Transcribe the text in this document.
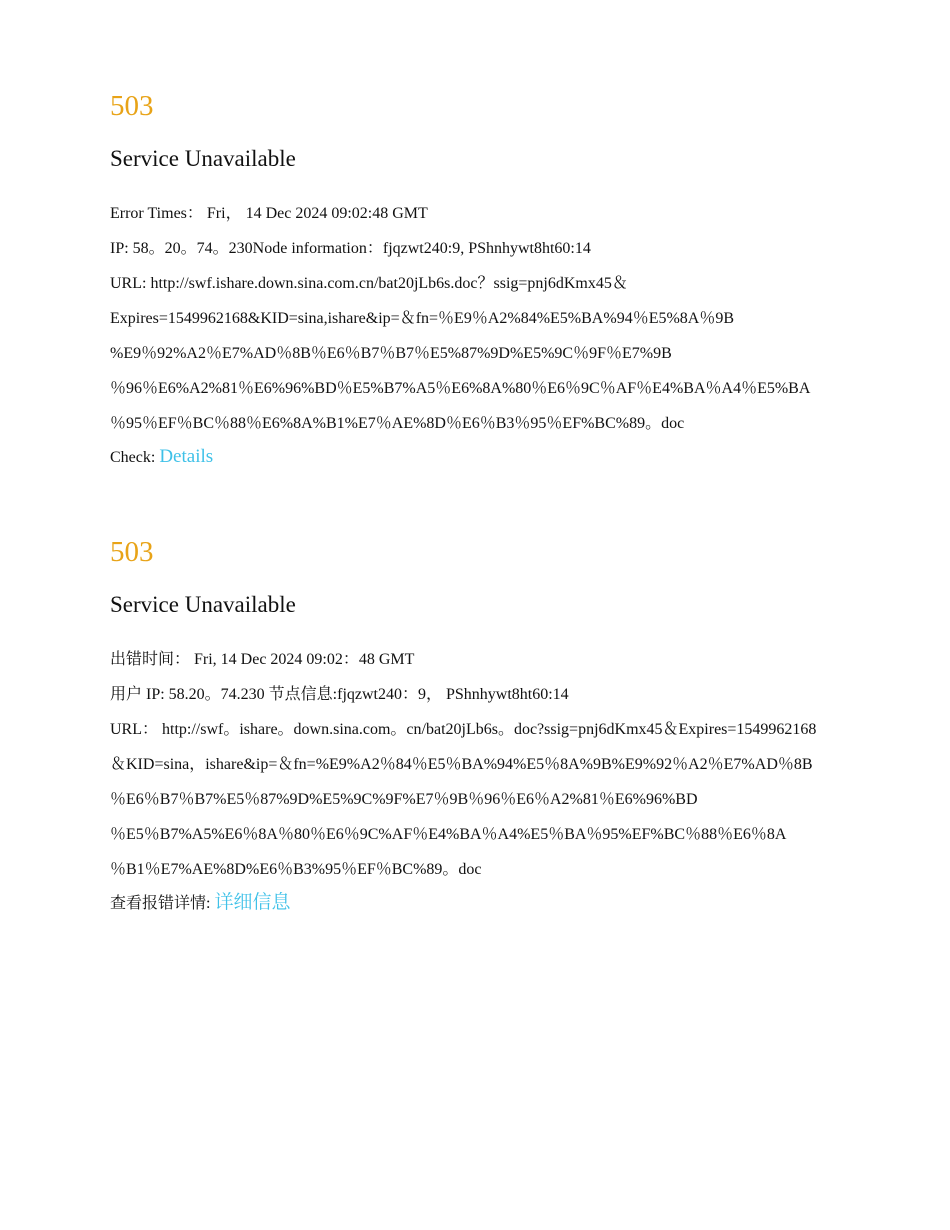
503
Service Unavailable
Error Times： Fri， 14 Dec 2024 09:02:48 GMT
IP: 58。20。74。230Node information：fjqzwt240:9, PShnhywt8ht60:14
URL: http://swf.ishare.down.sina.com.cn/bat20jLb6s.doc？ssig=pnj6dKmx45＆
Expires=1549962168&KID=sina,ishare&ip=＆fn=％E9％A2%84%E5%BA%94％E5%8A％9B
%E9％92%A2％E7%AD％8B％E6％B7％B7％E5%87%9D%E5%9C％9F％E7%9B
％96％E6%A2%81％E6%96%BD％E5%B7%A5％E6%8A%80％E6％9C％AF％E4%BA％A4％E5%BA
％95％EF％BC％88％E6%8A%B1%E7％AE%8D％E6％B3％95％EF%BC%89。doc
Check: Details
503
Service Unavailable
出错时间： Fri, 14 Dec 2024 09:02：48 GMT
用户 IP: 58.20。74.230 节点信息:fjqzwt240：9， PShnhywt8ht60:14
URL： http://swf。ishare。down.sina.com。cn/bat20jLb6s。doc?ssig=pnj6dKmx45＆Expires=1549962168
＆KID=sina，ishare&ip=＆fn=%E9%A2％84％E5％BA%94%E5％8A%9B%E9%92％A2％E7%AD％8B
％E6％B7％B7%E5％87%9D%E5%9C%9F%E7％9B％96％E6％A2%81％E6%96%BD
％E5％B7%A5%E6％8A％80％E6％9C%AF％E4%BA％A4%E5％BA％95%EF%BC％88％E6％8A
％B1％E7%AE%8D%E6％B3%95％EF％BC%89。doc
查看报错详情: 详细信息
